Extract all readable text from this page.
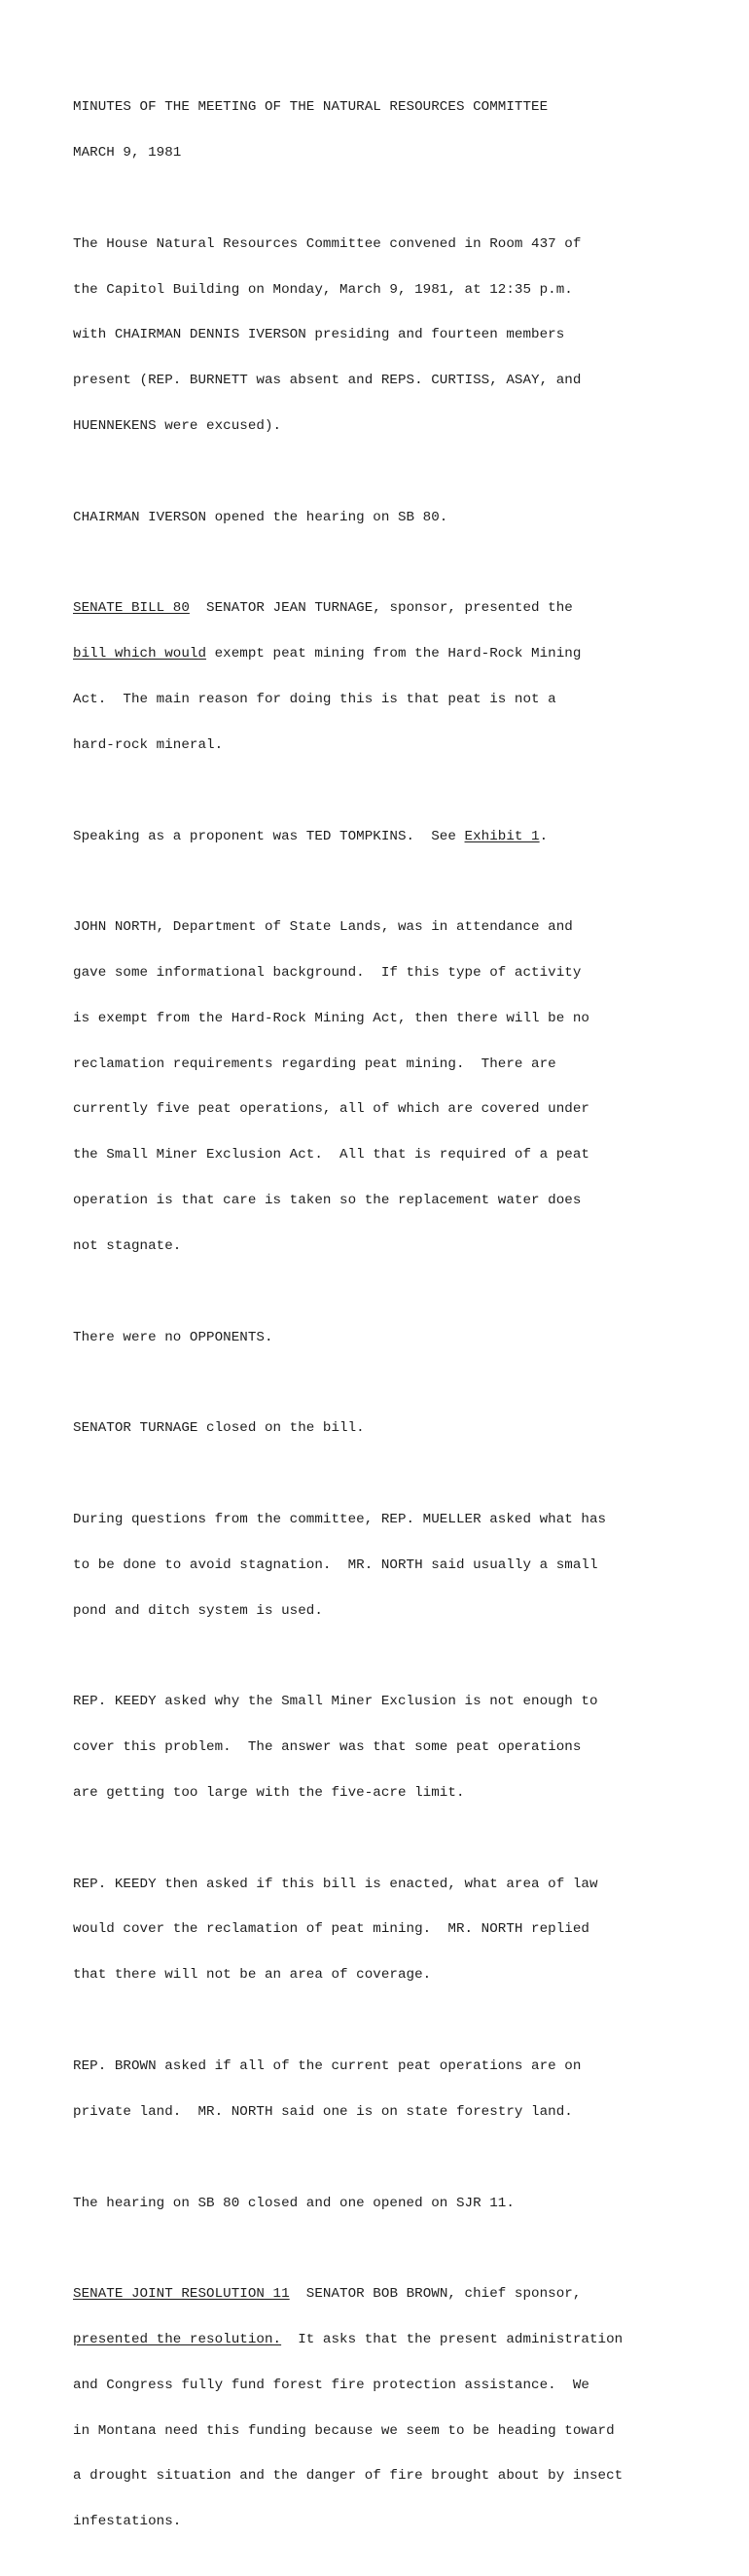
MINUTES OF THE MEETING OF THE NATURAL RESOURCES COMMITTEE

MARCH 9, 1981

The House Natural Resources Committee convened in Room 437 of

the Capitol Building on Monday, March 9, 1981, at 12:35 p.m.

with CHAIRMAN DENNIS IVERSON presiding and fourteen members

present (REP. BURNETT was absent and REPS. CURTISS, ASAY, and

HUENNEKENS were excused).

CHAIRMAN IVERSON opened the hearing on SB 80.

SENATE BILL 80  SENATOR JEAN TURNAGE, sponsor, presented the

bill which would exempt peat mining from the Hard-Rock Mining

Act.  The main reason for doing this is that peat is not a

hard-rock mineral.

Speaking as a proponent was TED TOMPKINS.  See Exhibit 1.

JOHN NORTH, Department of State Lands, was in attendance and

gave some informational background.  If this type of activity

is exempt from the Hard-Rock Mining Act, then there will be no

reclamation requirements regarding peat mining.  There are

currently five peat operations, all of which are covered under

the Small Miner Exclusion Act.  All that is required of a peat

operation is that care is taken so the replacement water does

not stagnate.

There were no OPPONENTS.

SENATOR TURNAGE closed on the bill.

During questions from the committee, REP. MUELLER asked what has

to be done to avoid stagnation.  MR. NORTH said usually a small

pond and ditch system is used.

REP. KEEDY asked why the Small Miner Exclusion is not enough to

cover this problem.  The answer was that some peat operations

are getting too large with the five-acre limit.

REP. KEEDY then asked if this bill is enacted, what area of law

would cover the reclamation of peat mining.  MR. NORTH replied

that there will not be an area of coverage.

REP. BROWN asked if all of the current peat operations are on

private land.  MR. NORTH said one is on state forestry land.

The hearing on SB 80 closed and one opened on SJR 11.

SENATE JOINT RESOLUTION 11  SENATOR BOB BROWN, chief sponsor,

presented the resolution.  It asks that the present administration

and Congress fully fund forest fire protection assistance.  We

in Montana need this funding because we seem to be heading toward

a drought situation and the danger of fire brought about by insect

infestations.
